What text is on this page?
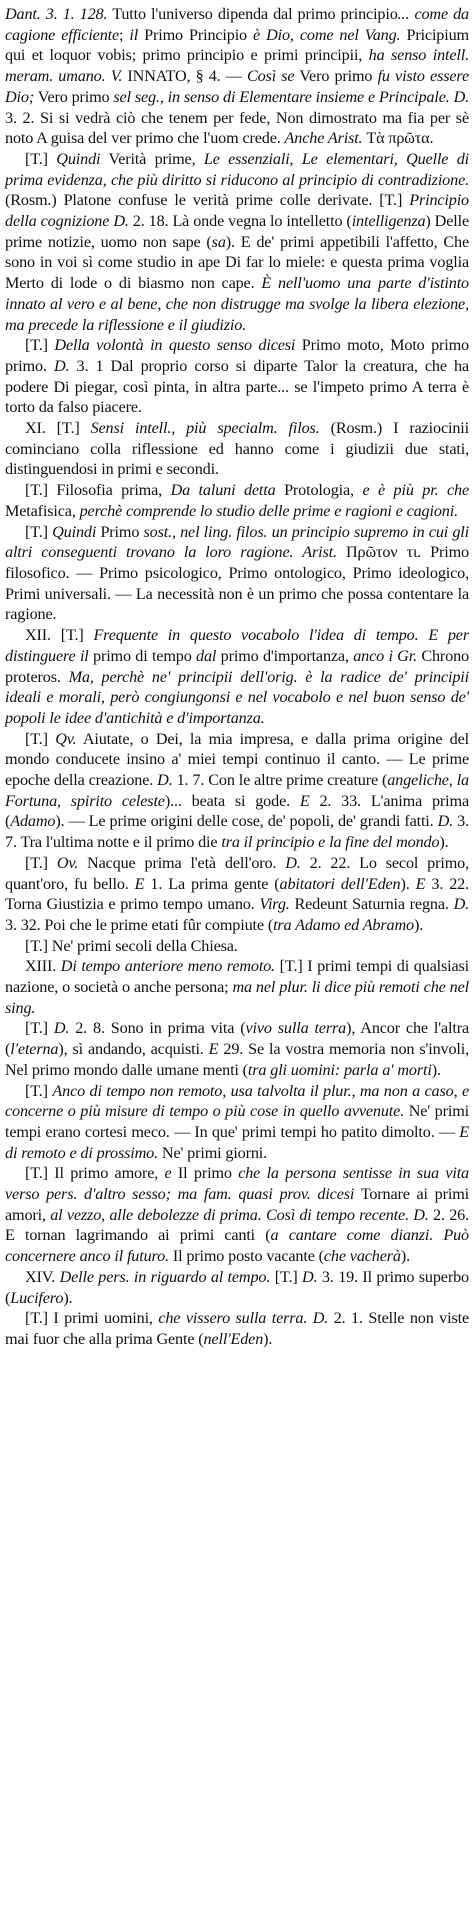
Dant. 3. 1. 128. Tutto l'universo dipenda dal primo principio... come da cagione efficiente; il Primo Principio è Dio, come nel Vang. Pricipium qui et loquor vobis; primo principio e primi principii, ha senso intell. meram. umano. V. INNATO, § 4. — Così se Vero primo fu visto essere Dio; Vero primo sel seg., in senso di Elementare insieme e Principale. D. 3. 2. Si si vedrà ciò che tenem per fede, Non dimostrato ma fia per sè noto A guisa del ver primo che l'uom crede. Anche Arist. Τὰ πρῶτα.

[T.] Quindi Verità prime, Le essenziali, Le elementari, Quelle di prima evidenza, che più diritto si riducono al principio di contradizione. (Rosm.) Platone confuse le verità prime colle derivate. [T.] Principio della cognizione D. 2. 18. Là onde vegna lo intelletto (intelligenza) Delle prime notizie, uomo non sape (sa). E de' primi appetibili l'affetto, Che sono in voi sì come studio in ape Di far lo miele: e questa prima voglia Merto di lode o di biasmo non cape. È nell'uomo una parte d'istinto innato al vero e al bene, che non distrugge ma svolge la libera elezione, ma precede la riflessione e il giudizio.

[T.] Della volontà in questo senso dicesi Primo moto, Moto primo primo. D. 3. 1 Dal proprio corso si diparte Talor la creatura, che ha podere Di piegar, così pinta, in altra parte... se l'impeto primo A terra è torto da falso piacere.

XI. [T.] Sensi intell., più specialm. filos. (Rosm.) I raziocinii cominciano colla riflessione ed hanno come i giudizii due stati, distinguendosi in primi e secondi.

[T.] Filosofia prima, Da taluni detta Protologia, e è più pr. che Metafisica, perchè comprende lo studio delle prime e ragioni e cagioni.

[T.] Quindi Primo sost., nel ling. filos. un principio supremo in cui gli altri conseguenti trovano la loro ragione. Arist. Πρῶτον τι. Primo filosofico. — Primo psicologico, Primo ontologico, Primo ideologico, Primi universali. — La necessità non è un primo che possa contentare la ragione.

XII. [T.] Frequente in questo vocabolo l'idea di tempo. E per distinguere il primo di tempo dal primo d'importanza, anco i Gr. Chrono proteros. Ma, perchè ne' principii dell'orig. è la radice de' principii ideali e morali, però congiungonsi e nel vocabolo e nel buon senso de' popoli le idee d'antichità e d'importanza.

[T.] Qv. Aiutate, o Dei, la mia impresa, e dalla prima origine del mondo conducete insino a' miei tempi continuo il canto. — Le prime epoche della creazione. D. 1. 7. Con le altre prime creature (angeliche, la Fortuna, spirito celeste)... beata si gode. E 2. 33. L'anima prima (Adamo). — Le prime origini delle cose, de' popoli, de' grandi fatti. D. 3. 7. Tra l'ultima notte e il primo die tra il principio e la fine del mondo).

[T.] Ov. Nacque prima l'età dell'oro. D. 2. 22. Lo secol primo, quant'oro, fu bello. E 1. La prima gente (abitatori dell'Eden). E 3. 22. Torna Giustizia e primo tempo umano. Virg. Redeunt Saturnia regna. D. 3. 32. Poi che le prime etati fûr compiute (tra Adamo ed Abramo).

[T.] Ne' primi secoli della Chiesa.

XIII. Di tempo anteriore meno remoto. [T.] I primi tempi di qualsiasi nazione, o società o anche persona; ma nel plur. li dice più remoti che nel sing.

[T.] D. 2. 8. Sono in prima vita (vivo sulla terra), Ancor che l'altra (l'eterna), sì andando, acquisti. E 29. Se la vostra memoria non s'involi, Nel primo mondo dalle umane menti (tra gli uomini: parla a' morti).

[T.] Anco di tempo non remoto, usa talvolta il plur., ma non a caso, e concerne o più misure di tempo o più cose in quello avvenute. Ne' primi tempi erano cortesi meco. — In que' primi tempi ho patito dimolto. — E di remoto e di prossimo. Ne' primi giorni.

[T.] Il primo amore, e Il primo che la persona sentisse in sua vita verso pers. d'altro sesso; ma fam. quasi prov. dicesi Tornare ai primi amori, al vezzo, alle debolezze di prima. Così di tempo recente. D. 2. 26. E tornan lagrimando ai primi canti (a cantare come dianzi. Può concernere anco il futuro. Il primo posto vacante (che vacherà).

XIV. Delle pers. in riguardo al tempo. [T.] D. 3. 19. Il primo superbo (Lucifero).

[T.] I primi uomini, che vissero sulla terra. D. 2. 1. Stelle non viste mai fuor che alla prima Gente (nell'Eden).
